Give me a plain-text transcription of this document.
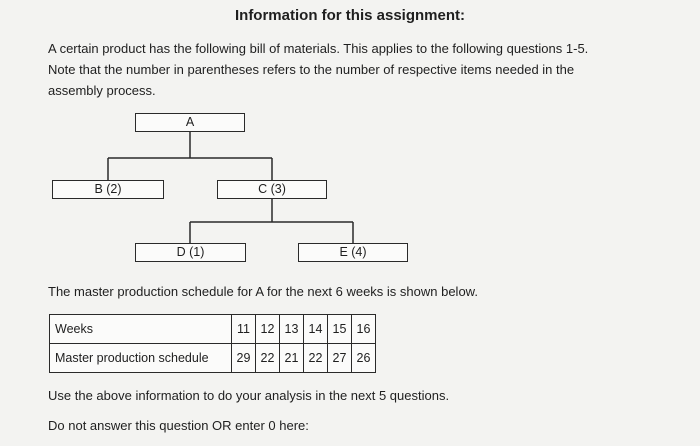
Information for this assignment:

A certain product has the following bill of materials. This applies to the following questions 1-5.
Note that the number in parentheses refers to the number of respective items needed in the
assembly process.

A
B (2)	C (3)
D (1)	E (4)
The master production schedule for A for the next 6 weeks is shown below.
Weeks	11	12	13	14	15	16
Master production schedule	29	22	21	22	27	26
Use the above information to do your analysis in the next 5 questions.
Do not answer this question OR enter 0 here:
